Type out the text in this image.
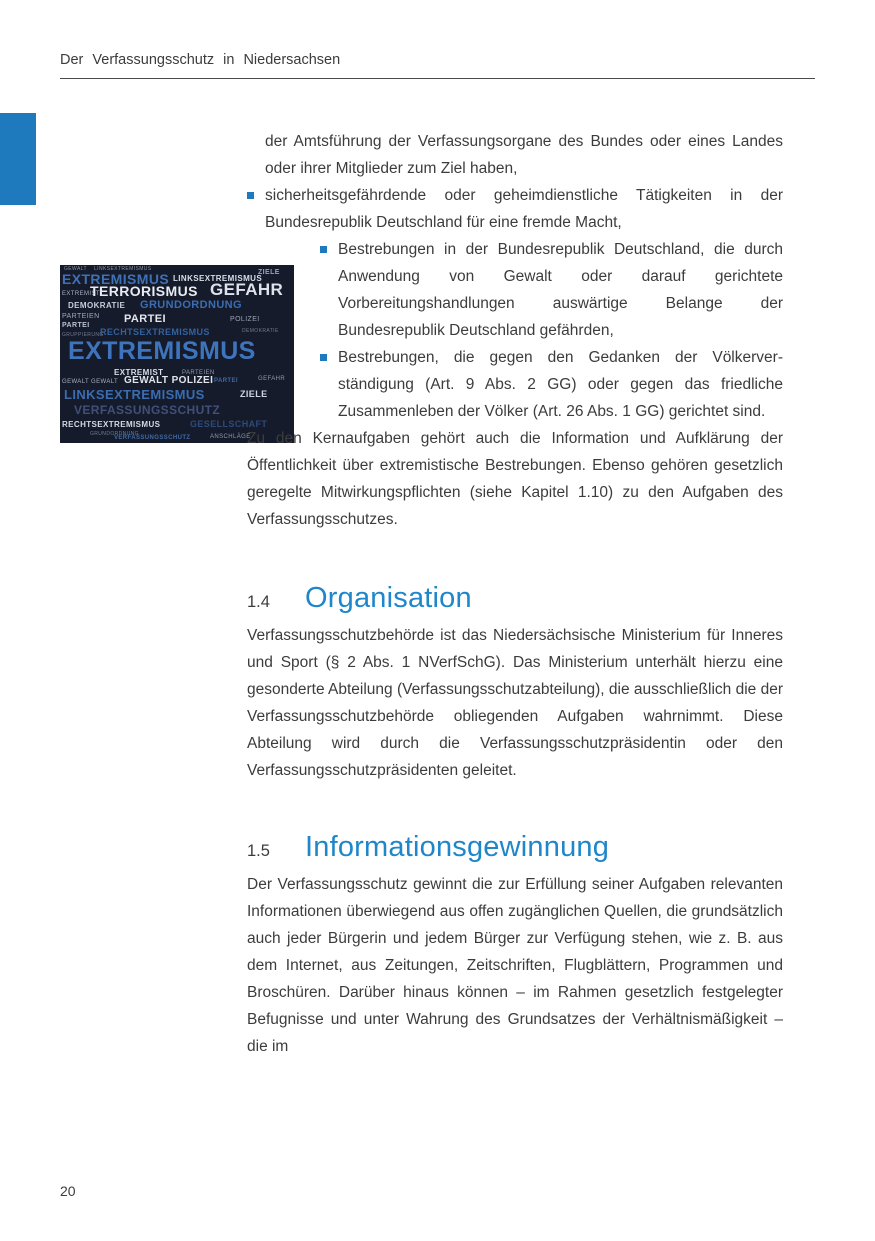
Der Verfassungsschutz in Niedersachsen
GEWALT LINKSEXTREMISMUS
EXTREMISMUS LINKSEXTREMISMUS
ZIELE
EXTREMIST
TERRORISMUS GEFAHR
DEMOKRATIE GRUNDORDNUNG
PARTEIEN
PARTEI
PARTEI	POLIZEI
GRUPPIERUNG
RECHTSEXTREMISMUS	DEMOKRATIE
EXTREMISMUS
EXTREMIST	PARTEIEN
GEWALT GEWALT GEWALT POLIZEI PARTEI	GEFAHR
LINKSEXTREMISMUS	ZIELE
VERFASSUNGSSCHUTZ
RECHTSEXTREMISMUS	GESELLSCHAFT
GRUNDORDNUNG
VERFASSUNGSSCHUTZ	ANSCHLÄGE

der Amtsführung der Verfassungsorgane des Bundes oder eines Landes oder ihrer Mitglieder zum Ziel haben,

sicherheitsgefährdende oder geheimdienstliche Tätigkeiten in der Bundesrepublik Deutschland für eine fremde Macht,

Bestrebungen in der Bundesrepublik Deutschland, die durch Anwendung von Gewalt oder darauf gerichtete Vorbereitungshandlungen auswärtige Belange der Bundesrepublik Deutschland gefährden,

Bestrebungen, die gegen den Gedanken der Völkerverständigung (Art. 9 Abs. 2 GG) oder gegen das friedliche Zusammenleben der Völker (Art. 26 Abs. 1 GG) gerichtet sind.

Zu den Kernaufgaben gehört auch die Information und Aufklärung der Öffentlichkeit über extremistische Bestrebungen. Ebenso gehören gesetzlich geregelte Mitwirkungspflichten (siehe Kapitel 1.10) zu den Aufgaben des Verfassungsschutzes.

1.4	Organisation

Verfassungsschutzbehörde ist das Niedersächsische Ministerium für Inneres und Sport (§ 2 Abs. 1 NVerfSchG). Das Ministerium unterhält hierzu eine gesonderte Abteilung (Verfassungsschutzabteilung), die ausschließlich die der Verfassungsschutzbehörde obliegenden Aufgaben wahrnimmt. Diese Abteilung wird durch die Verfassungsschutzpräsidentin oder den Verfassungsschutzpräsidenten geleitet.

1.5	Informationsgewinnung

Der Verfassungsschutz gewinnt die zur Erfüllung seiner Aufgaben relevanten Informationen überwiegend aus offen zugänglichen Quellen, die grundsätzlich auch jeder Bürgerin und jedem Bürger zur Verfügung stehen, wie z. B. aus dem Internet, aus Zeitungen, Zeitschriften, Flugblättern, Programmen und Broschüren. Darüber hinaus können – im Rahmen gesetzlich festgelegter Befugnisse und unter Wahrung des Grundsatzes der Verhältnismäßigkeit – die im

20
